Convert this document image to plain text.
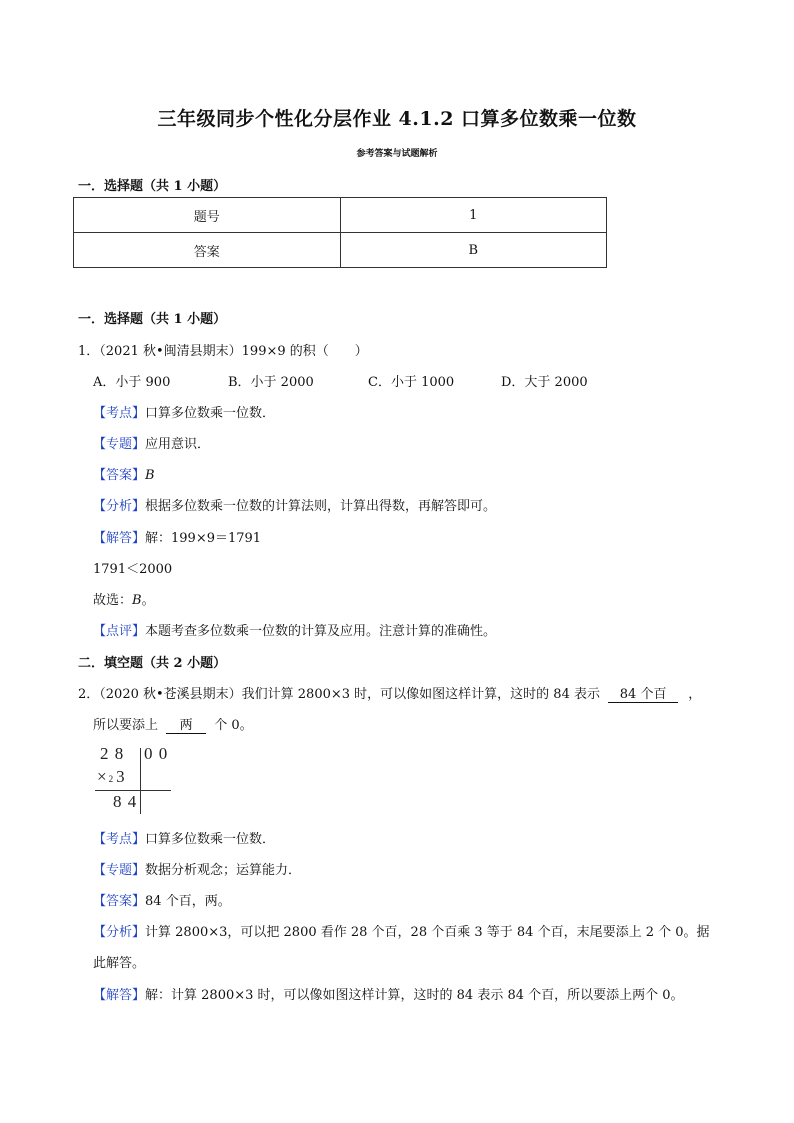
三年级同步个性化分层作业 4.1.2 口算多位数乘一位数
参考答案与试题解析
一．选择题（共 1 小题）
题号	1
答案	B
一．选择题（共 1 小题）
1．（2021 秋•闽清县期末）199×9 的积（　　）
A．小于 900	B．小于 2000	C．小于 1000	D．大于 2000
【考点】口算多位数乘一位数．
【专题】应用意识．
【答案】B
【分析】根据多位数乘一位数的计算法则，计算出得数，再解答即可。
【解答】解：199×9＝1791
1791＜2000
故选：B。
【点评】本题考查多位数乘一位数的计算及应用。注意计算的准确性。
二．填空题（共 2 小题）
2．（2020 秋•苍溪县期末）我们计算 2800×3 时，可以像如图这样计算，这时的 84 表示 84 个百 ，
所以要添上 两 个 0。
2 8 0 0
×2 3
8 4
【考点】口算多位数乘一位数．
【专题】数据分析观念；运算能力．
【答案】84 个百，两。
【分析】计算 2800×3，可以把 2800 看作 28 个百，28 个百乘 3 等于 84 个百，末尾要添上 2 个 0。据
此解答。
【解答】解：计算 2800×3 时，可以像如图这样计算，这时的 84 表示 84 个百，所以要添上两个 0。
